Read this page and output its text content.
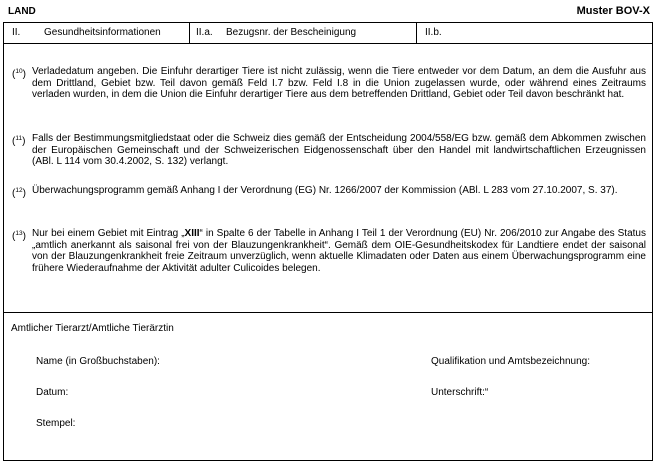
LAND	Muster BOV-X
II. Gesundheitsinformationen	II.a. Bezugsnr. der Bescheinigung	II.b.
($^{10}$) Verladedatum angeben. Die Einfuhr derartiger Tiere ist nicht zulässig, wenn die Tiere entweder vor dem Datum, an dem die Ausfuhr aus dem Drittland, Gebiet bzw. Teil davon gemäß Feld I.7 bzw. Feld I.8 in die Union zugelassen wurde, oder während eines Zeitraums verladen wurden, in dem die Union die Einfuhr derartiger Tiere aus dem betreffenden Drittland, Gebiet oder Teil davon beschränkt hat.
($^{11}$) Falls der Bestimmungsmitgliedstaat oder die Schweiz dies gemäß der Entscheidung 2004/558/EG bzw. gemäß dem Abkommen zwischen der Europäischen Gemeinschaft und der Schweizerischen Eidgenossenschaft über den Handel mit landwirtschaftlichen Erzeugnissen (ABl. L 114 vom 30.4.2002, S. 132) verlangt.
($^{12}$) Überwachungsprogramm gemäß Anhang I der Verordnung (EG) Nr. 1266/2007 der Kommission (ABl. L 283 vom 27.10.2007, S. 37).
($^{13}$) Nur bei einem Gebiet mit Eintrag „XIII“ in Spalte 6 der Tabelle in Anhang I Teil 1 der Verordnung (EU) Nr. 206/2010 zur Angabe des Status „amtlich anerkannt als saisonal frei von der Blauzungenkrankheit“. Gemäß dem OIE-Gesundheitskodex für Landtiere endet der saisonal von der Blauzungenkrankheit freie Zeitraum unverzüglich, wenn aktuelle Klimadaten oder Daten aus einem Überwachungsprogramm eine frühere Wiederaufnahme der Aktivität adulter Culicoides belegen.
Amtlicher Tierarzt/Amtliche Tierärztin
Name (in Großbuchstaben):	Qualifikation und Amtsbezeichnung:
Datum:	Unterschrift:“
Stempel:
